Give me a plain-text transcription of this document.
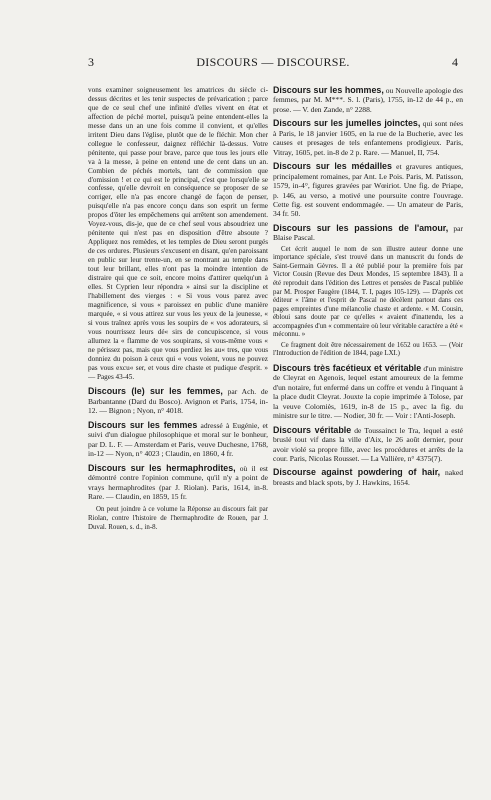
3	DISCOURS — DISCOURSE.	4

vons examiner soigneusement les amatrices du siècle ci-dessus décrites et les tenir suspectes de prévarication ; parce que de ce seul chef une infinité d'elles vivent en état et affection de péché mortel, puisqu'à peine entendent-elles la messe dans un an une fois comme il convient, et qu'elles irritent Dieu dans l'église, plutôt que de le fléchir. Mon cher collegue le confesseur, daignez réfléchir là-dessus. Votre pénitente, qui passe pour brave, parce que tous les jours elle va à la messe, à peine en entend une de cent dans un an. Combien de péchés mortels, tant de commission que d'omission ! et ce qui est le principal, c'est que lorsqu'elle se confesse, qu'elle devroit en conséquence se proposer de se corriger, elle n'a pas encore changé de façon de penser, puisqu'elle n'a pas encore conçu dans son esprit un ferme propos d'ôter les empêchemens qui arrêtent son amendement. Voyez-vous, dis-je, que de ce chef seul vous absoudriez une pénitente qui n'est pas en disposition d'être absoute ? Appliquez nos remèdes, et les temples de Dieu seront purgés de ces ordures. Plusieurs s'excusent en disant, qu'en paroissant en public sur leur trente-un, en se montrant au temple dans tout leur brillant, elles n'ont pas la moindre intention de distraire qui que ce soit, encore moins d'attirer quelqu'un à elles. St Cyprien leur répondra » ainsi sur la discipline et l'habillement des vierges : « Si vous vous parez avec magnificence, si vous « paroissez en public d'une manière marquée, « si vous attirez sur vous les yeux de la jeunesse, « si vous traînez après vous les soupirs de « vos adorateurs, si vous nourrissez leurs dé« sirs de concupiscence, si vous allumez la « flamme de vos soupirans, si vous-même vous « ne périssez pas, mais que vous perdiez les au« tres, que vous donniez du poison à ceux qui « vous voient, vous ne pouvez pas vous excu« ser, et vous dire chaste et pudique d'esprit. » — Pages 43-45.

Discours (le) sur les femmes, par Ach. de Barbantanne (Dard du Bosco). Avignon et Paris, 1754, in-12. — Bignon ; Nyon, n° 4018.

Discours sur les femmes adressé à Eugénie, et suivi d'un dialogue philosophique et moral sur le bonheur, par D. L. F. — Amsterdam et Paris, veuve Duchesne, 1768, in-12 — Nyon, n° 4023 ; Claudin, en 1860, 4 fr.

Discours sur les hermaphrodites, où il est démontré contre l'opinion commune, qu'il n'y a point de vrays hermaphrodites (par J. Riolan). Paris, 1614, in-8. Rare. — Claudin, en 1859, 15 fr.

On peut joindre à ce volume la Réponse au discours fait par Riolan, contre l'histoire de l'hermaphrodite de Rouen, par J. Duval. Rouen, s. d., in-8.

Discours sur les hommes, ou Nouvelle apologie des femmes, par M. M***. S. l. (Paris), 1755, in-12 de 44 p., en prose. — V. den Zande, n° 2288.

Discours sur les jumelles joinctes, qui sont nées à Paris, le 18 janvier 1605, en la rue de la Bucherie, avec les causes et presages de tels enfantemens prodigieux. Paris, Vitray, 1605, pet. in-8 de 2 p. Rare. — Manuel, II, 754.

Discours sur les médailles et gravures antiques, principalement romaines, par Ant. Le Pois. Paris, M. Patisson, 1579, in-4°, figures gravées par Wœiriot. Une fig. de Priape, p. 146, au verso, a motivé une poursuite contre l'ouvrage. Cette fig. est souvent endommagée. — Un amateur de Paris, 34 fr. 50.

Discours sur les passions de l'amour, par Blaise Pascal.

Cet écrit auquel le nom de son illustre auteur donne une importance spéciale, s'est trouvé dans un manuscrit du fonds de Saint-Germain Gèvres. Il a été publié pour la première fois par Victor Cousin (Revue des Deux Mondes, 15 septembre 1843). Il a été reproduit dans l'édition des Lettres et pensées de Pascal publiée par M. Prosper Faugère (1844, T. I, pages 105-129). — D'après cet éditeur « l'âme et l'esprit de Pascal ne décèlent partout dans ces pages empreintes d'une mélancolie chaste et ardente. « M. Cousin, ébloui sans doute par ce qu'elles « avaient d'inattendu, les a accompagnées d'un « commentaire où leur véritable caractère a été « méconnu. »

Ce fragment doit être nécessairement de 1652 ou 1653. — (Voir l'Introduction de l'édition de 1844, page LXI.)

Discours très facétieux et véritable d'un ministre de Cleyrat en Agenois, lequel estant amoureux de la femme d'un notaire, fut enfermé dans un coffre et vendu à l'inquant à la place dudit Cleyrat. Jouxte la copie imprimée à Tolose, par la veuve Colomiès, 1619, in-8 de 15 p., avec la fig. du ministre sur le titre. — Nodier, 30 fr. — Voir : l'Anti-Joseph.

Discours véritable de Toussainct le Tra, lequel a esté bruslé tout vif dans la ville d'Aix, le 26 août dernier, pour avoir violé sa propre fille, avec les procédures et arrêts de la cour. Paris, Nicolas Rousset. — La Vallière, n° 4375(7).

Discourse against powdering of hair, naked breasts and black spots, by J. Hawkins, 1654.
